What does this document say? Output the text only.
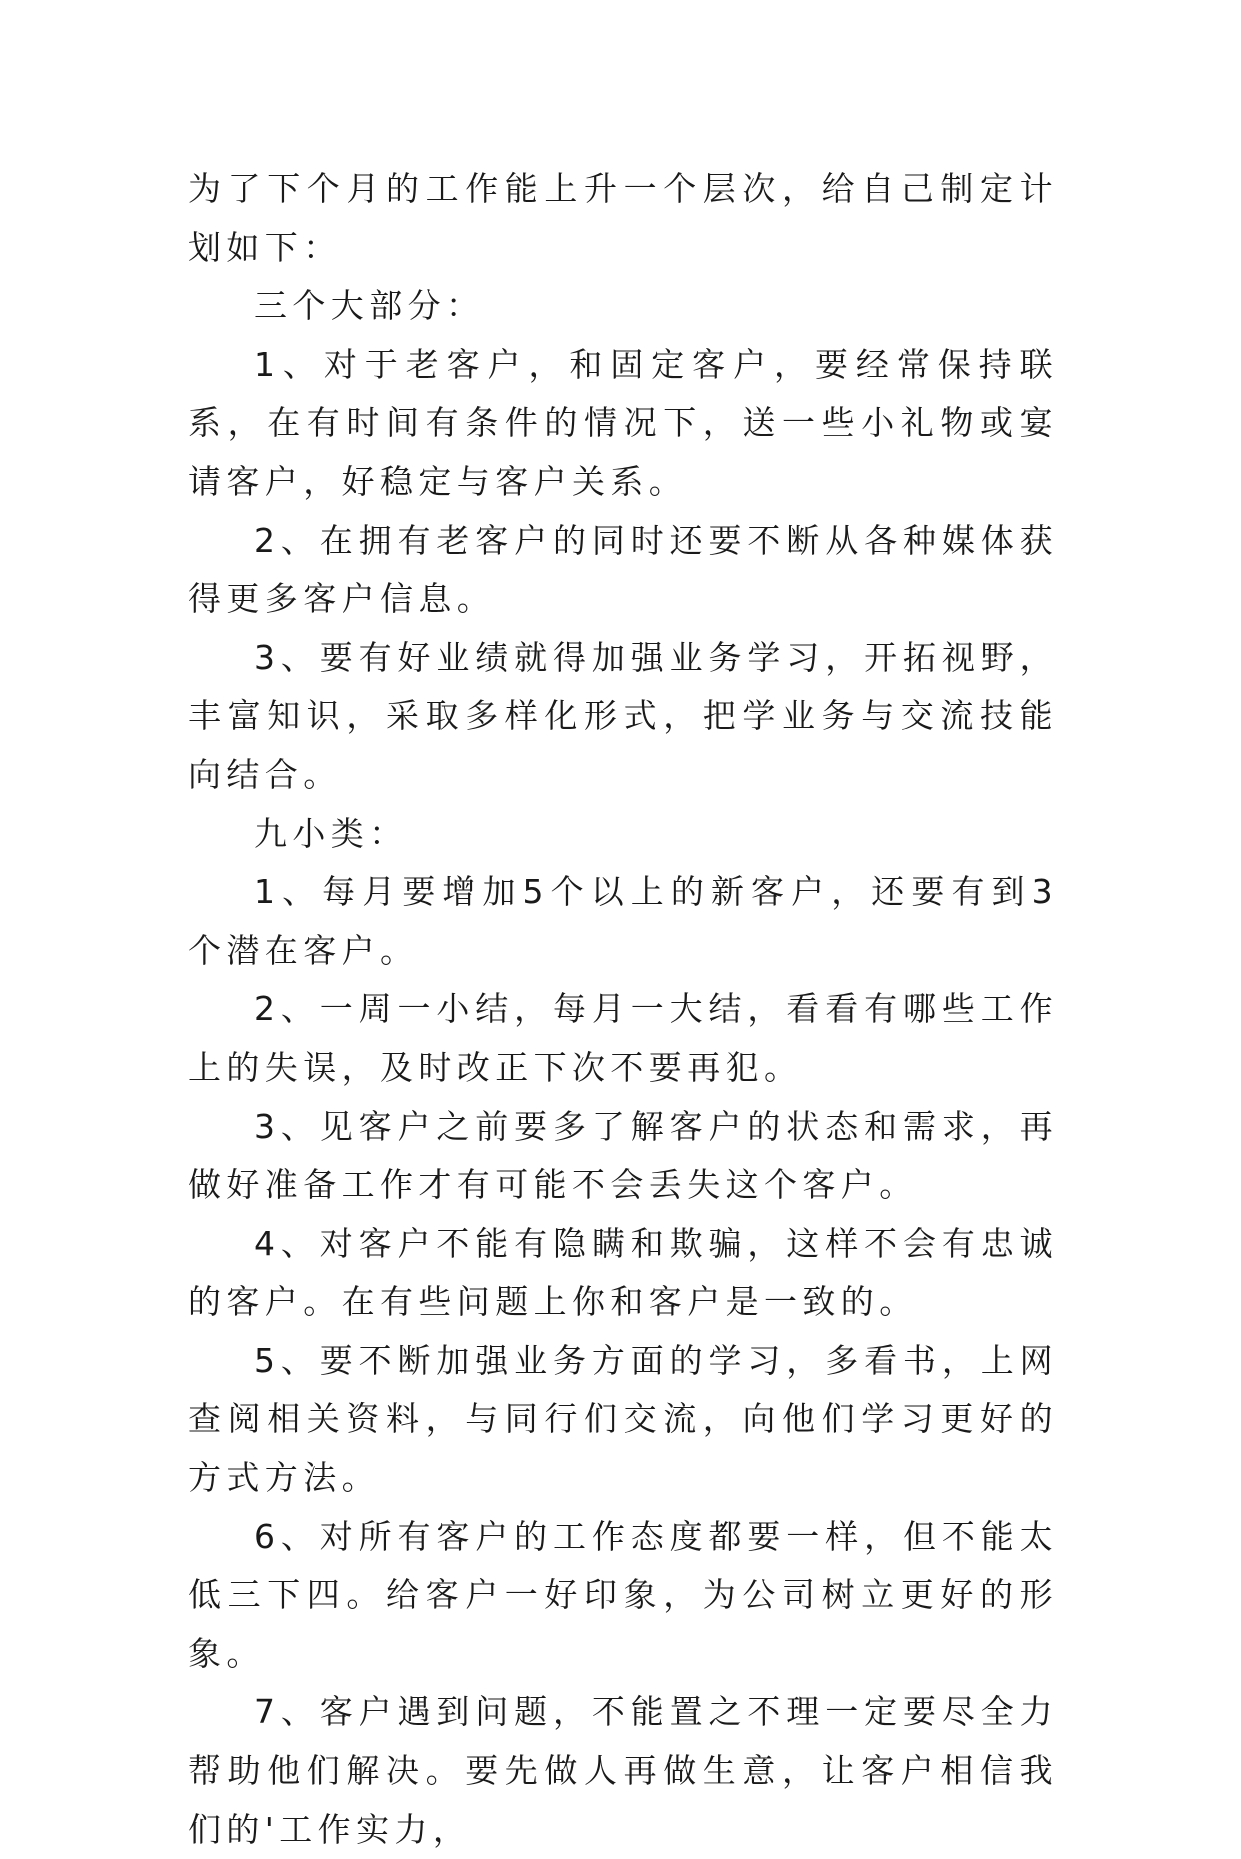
为了下个月的工作能上升一个层次，给自己制定计划如下：

三个大部分：

1、对于老客户，和固定客户，要经常保持联系，在有时间有条件的情况下，送一些小礼物或宴请客户，好稳定与客户关系。

2、在拥有老客户的同时还要不断从各种媒体获得更多客户信息。

3、要有好业绩就得加强业务学习，开拓视野，丰富知识，采取多样化形式，把学业务与交流技能向结合。

九小类：

1、每月要增加5个以上的新客户，还要有到3个潜在客户。

2、一周一小结，每月一大结，看看有哪些工作上的失误，及时改正下次不要再犯。

3、见客户之前要多了解客户的状态和需求，再做好准备工作才有可能不会丢失这个客户。

4、对客户不能有隐瞒和欺骗，这样不会有忠诚的客户。在有些问题上你和客户是一致的。

5、要不断加强业务方面的学习，多看书，上网查阅相关资料，与同行们交流，向他们学习更好的方式方法。

6、对所有客户的工作态度都要一样，但不能太低三下四。给客户一好印象，为公司树立更好的形象。

7、客户遇到问题，不能置之不理一定要尽全力帮助他们解决。要先做人再做生意，让客户相信我们的'工作实力，
